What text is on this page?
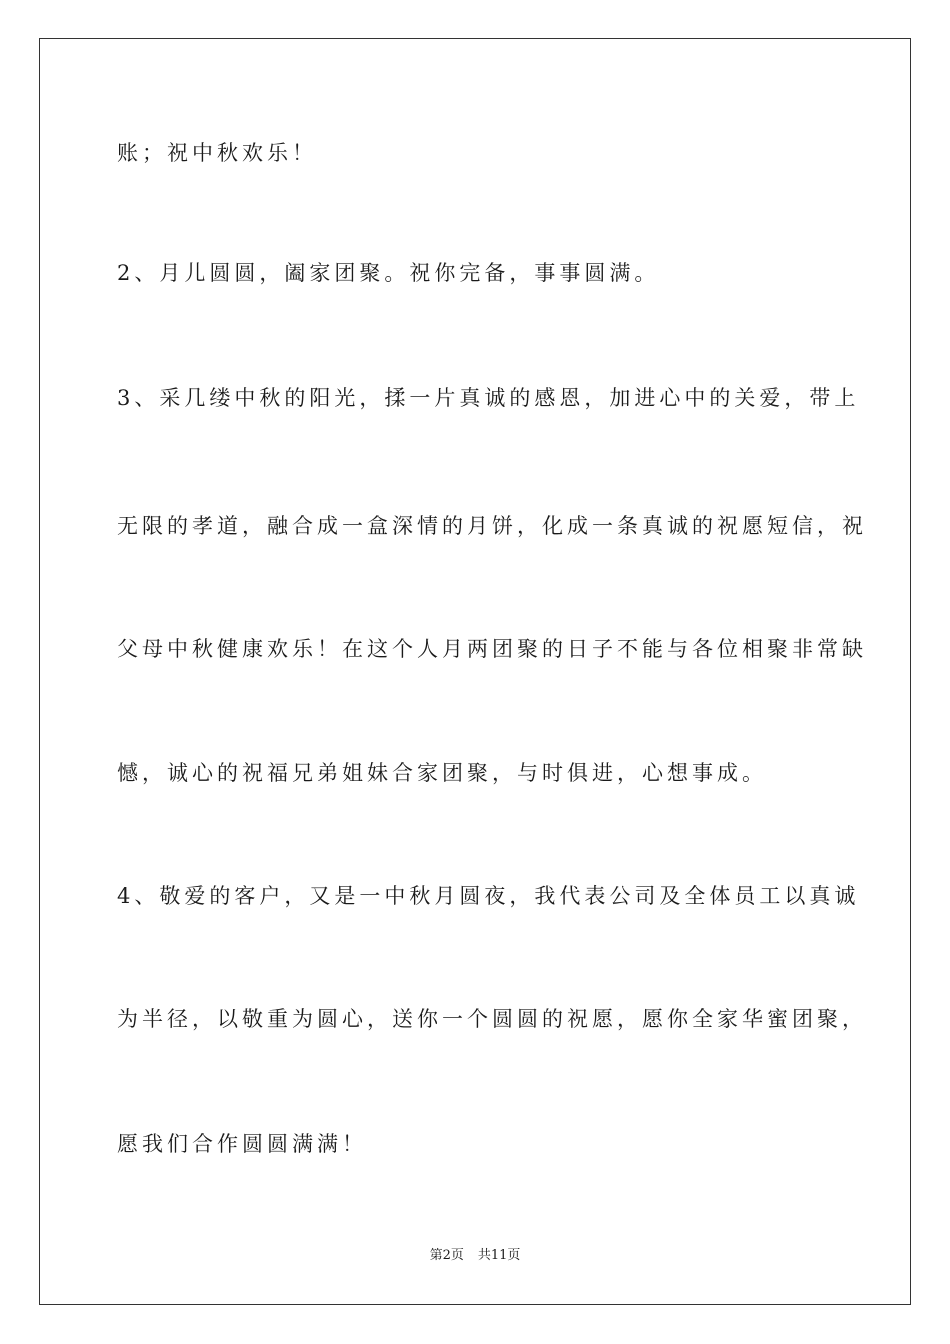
账；祝中秋欢乐！
2、月儿圆圆，阖家团聚。祝你完备，事事圆满。
3、采几缕中秋的阳光，揉一片真诚的感恩，加进心中的关爱，带上
无限的孝道，融合成一盒深情的月饼，化成一条真诚的祝愿短信，祝
父母中秋健康欢乐！在这个人月两团聚的日子不能与各位相聚非常缺
憾，诚心的祝福兄弟姐妹合家团聚，与时俱进，心想事成。
4、敬爱的客户，又是一中秋月圆夜，我代表公司及全体员工以真诚
为半径，以敬重为圆心，送你一个圆圆的祝愿，愿你全家华蜜团聚，
愿我们合作圆圆满满！
第2页 共11页
